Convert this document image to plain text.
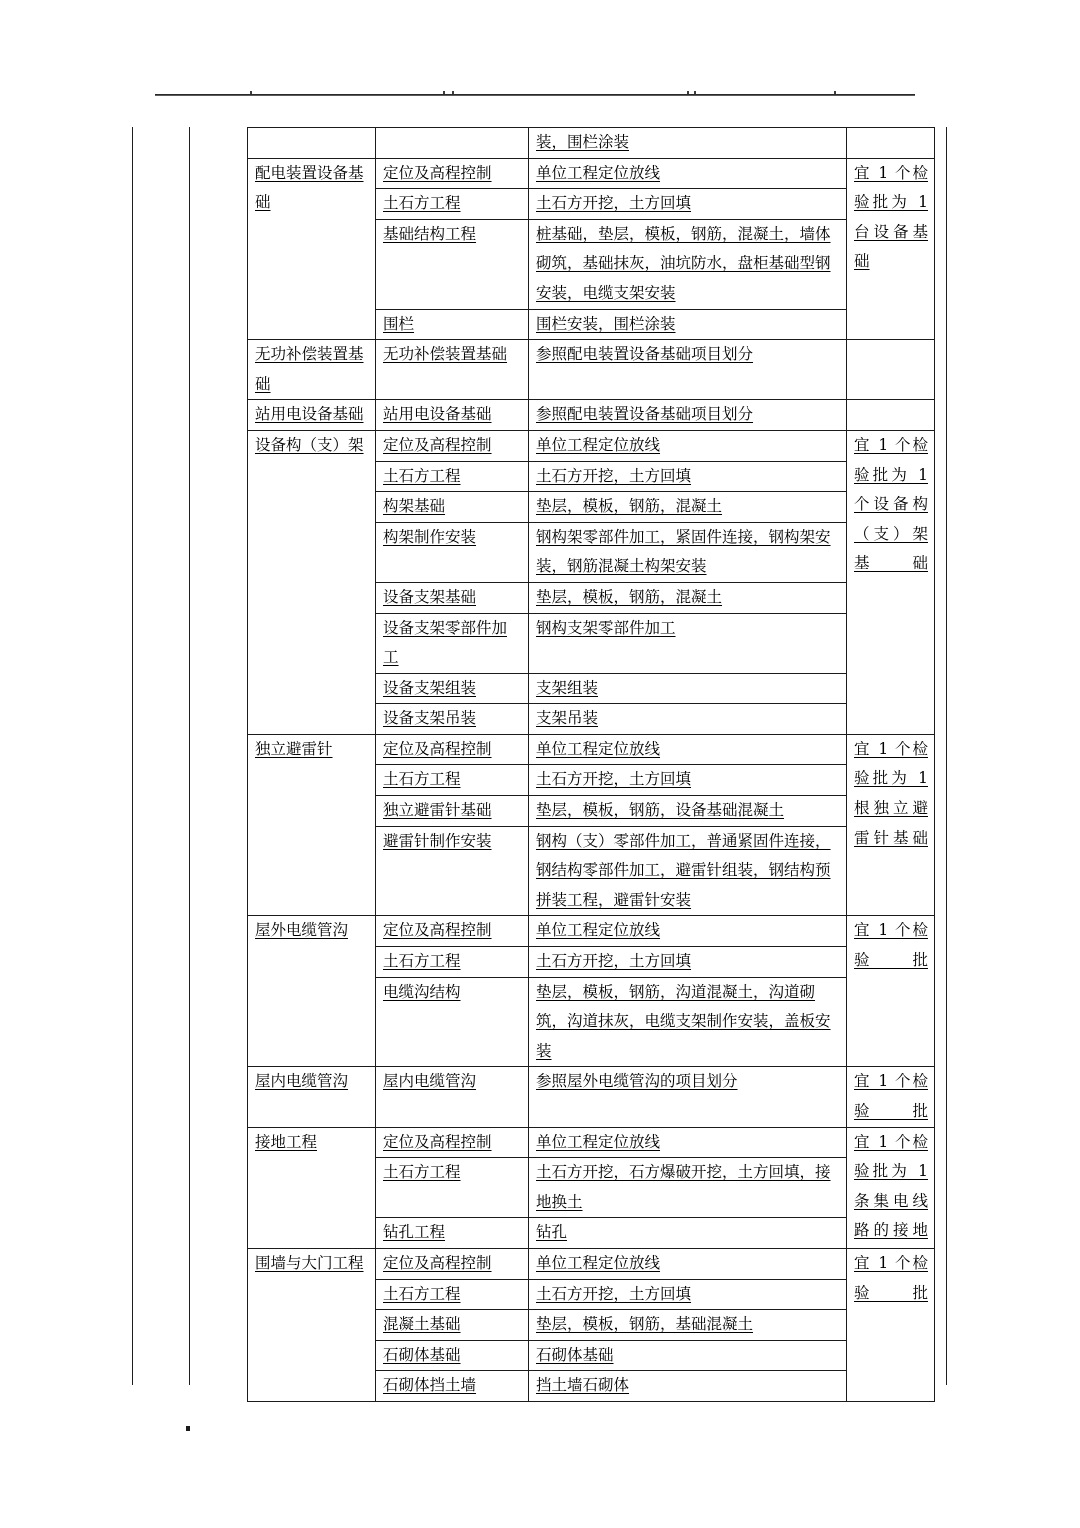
		装，围栏涂装	
配电装置设备基础	定位及高程控制	单位工程定位放线	宜 1 个检 验批为 1 台设备基 础
	土石方工程	土石方开挖，土方回填	
	基础结构工程	桩基础，垫层，模板，钢筋，混凝土，墙体砌筑，基础抹灰，油坑防水，盘柜基础型钢安装，电缆支架安装	
	围栏	围栏安装，围栏涂装	
无功补偿装置基础	无功补偿装置基础	参照配电装置设备基础项目划分	
站用电设备基础	站用电设备基础	参照配电装置设备基础项目划分	
设备构（支）架	定位及高程控制	单位工程定位放线	宜 1 个检 验批为 1 个设备构 （支）架 基础
	土石方工程	土石方开挖，土方回填	
	构架基础	垫层，模板，钢筋，混凝土	
	构架制作安装	钢构架零部件加工，紧固件连接，钢构架安装，钢筋混凝土构架安装	
	设备支架基础	垫层，模板，钢筋，混凝土	
	设备支架零部件加工	钢构支架零部件加工	
	设备支架组装	支架组装	
	设备支架吊装	支架吊装	
独立避雷针	定位及高程控制	单位工程定位放线	宜 1 个检 验批为 1 根独立避 雷针基础
	土石方工程	土石方开挖，土方回填	
	独立避雷针基础	垫层，模板，钢筋，设备基础混凝土	
	避雷针制作安装	钢构（支）零部件加工，普通紧固件连接，钢结构零部件加工，避雷针组装，钢结构预拼装工程，避雷针安装	
屋外电缆管沟	定位及高程控制	单位工程定位放线	宜 1 个检 验批
	土石方工程	土石方开挖，土方回填	
	电缆沟结构	垫层，模板，钢筋，沟道混凝土，沟道砌筑，沟道抹灰，电缆支架制作安装，盖板安装	
屋内电缆管沟	屋内电缆管沟	参照屋外电缆管沟的项目划分	宜 1 个检 验批
接地工程	定位及高程控制	单位工程定位放线	宜 1 个检 验批为 1 条集电线 路的接地
	土石方工程	土石方开挖，石方爆破开挖，土方回填，接地换土	
	钻孔工程	钻孔	
围墙与大门工程	定位及高程控制	单位工程定位放线	宜 1 个检 验批
	土石方工程	土石方开挖，土方回填	
	混凝土基础	垫层，模板，钢筋，基础混凝土	
	石砌体基础	石砌体基础	
	石砌体挡土墙	挡土墙石砌体	
